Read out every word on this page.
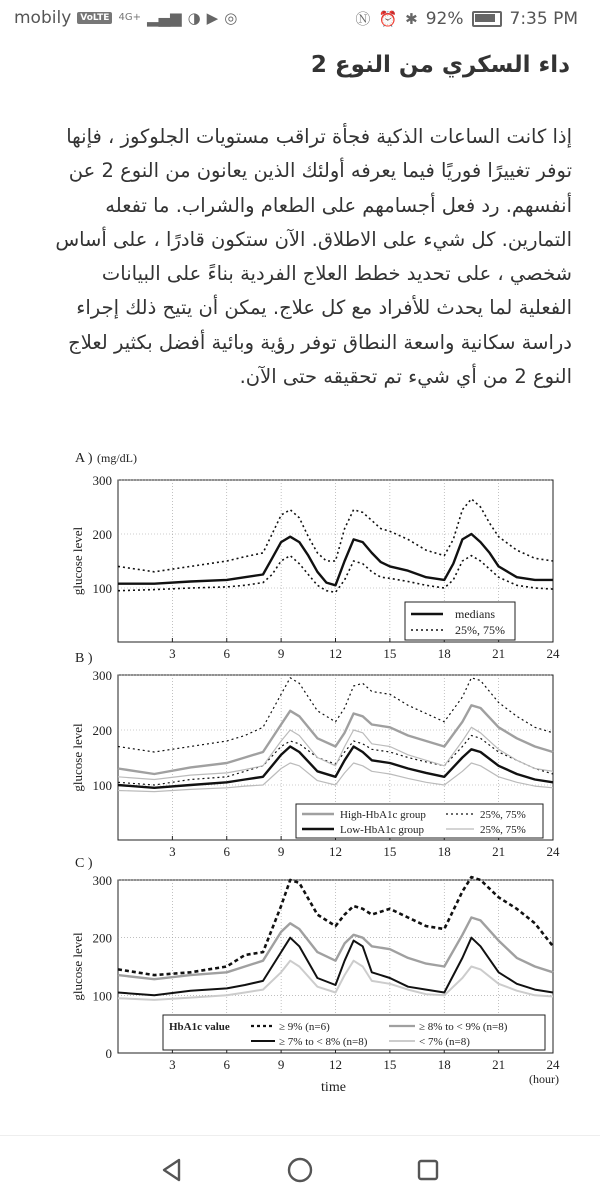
mobily	VoLTE 4G+ ▂▄▆ ◑ ▶ ◎	Ⓝ ⏰ ✱ 92%	7:35 PM
داء السكري من النوع 2
إذا كانت الساعات الذكية فجأة تراقب مستويات الجلوكوز ، فإنها
توفر تغييرًا فوريًا فيما يعرفه أولئك الذين يعانون من النوع 2 عن
أنفسهم. رد فعل أجسامهم على الطعام والشراب. ما تفعله
التمارين. كل شيء على الاطلاق. الآن ستكون قادرًا ، على أساس
شخصي ، على تحديد خطط العلاج الفردية بناءً على البيانات
الفعلية لما يحدث للأفراد مع كل علاج. يمكن أن يتيح ذلك إجراء
دراسة سكانية واسعة النطاق توفر رؤية وبائية أفضل بكثير لعلاج
النوع 2 من أي شيء تم تحقيقه حتى الآن.
3	6	9	12	15	18	21	24
100
200
300
A ) (mg/dL)
glucose level
3	6	9	12	15	18	21	24
100
200
300
B )
glucose level
3	6	9	12	15	18	21	24
0
100
200
300
C )
glucose level
time
(hour)
medians
25%, 75%
High-HbA1c group	25%, 75%
Low-HbA1c group	25%, 75%
HbA1c value	≥ 9% (n=6)	≥ 8% to < 9% (n=8)
≥ 7% to < 8% (n=8)	< 7% (n=8)
